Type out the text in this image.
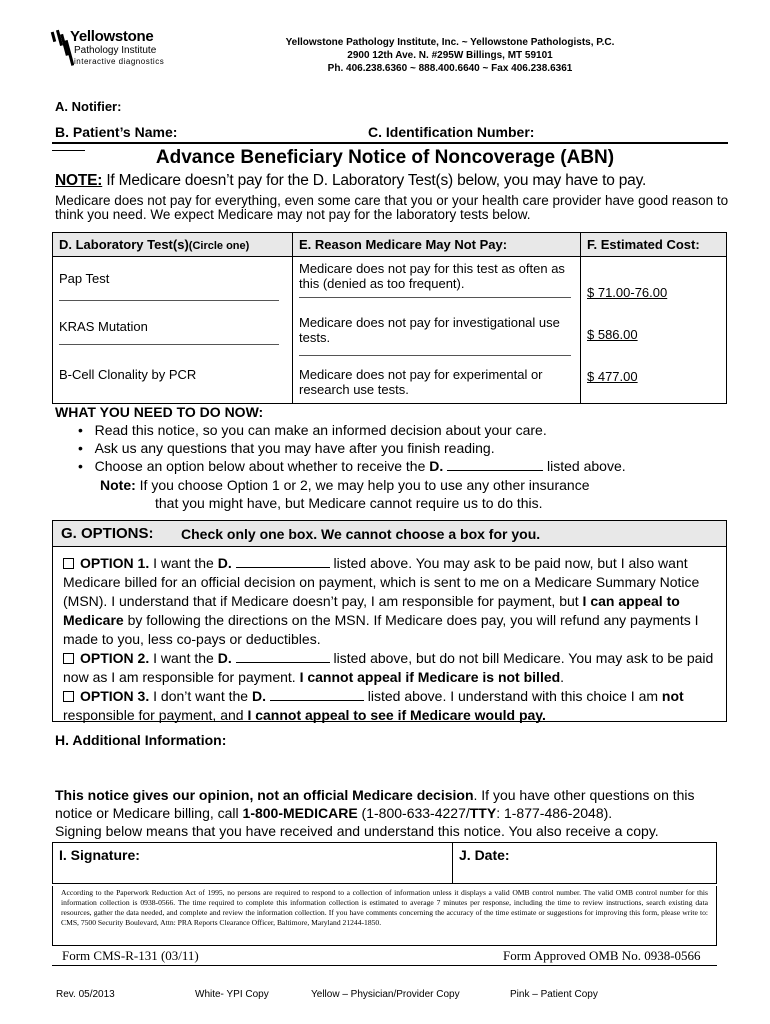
Yellowstone
Pathology Institute
interactive diagnostics
Yellowstone Pathology Institute, Inc. ~ Yellowstone Pathologists, P.C.
2900 12th Ave. N. #295W Billings, MT 59101
Ph. 406.238.6360 ~ 888.400.6640 ~ Fax 406.238.6361
A. Notifier:
B. Patient’s Name:	C. Identification Number:
Advance Beneficiary Notice of Noncoverage (ABN)
NOTE: If Medicare doesn’t pay for the D. Laboratory Test(s) below, you may have to pay.
Medicare does not pay for everything, even some care that you or your health care provider have good reason to think you need. We expect Medicare may not pay for the laboratory tests below.
D. Laboratory Test(s)(Circle one)	E. Reason Medicare May Not Pay:	F. Estimated Cost:

Pap Test	Medicare does not pay for this test as often as this (denied as too frequent).	$ 71.00-76.00

KRAS Mutation	Medicare does not pay for investigational use tests.	$ 586.00

B-Cell Clonality by PCR	Medicare does not pay for experimental or research use tests.	$ 477.00
WHAT YOU NEED TO DO NOW:
•   Read this notice, so you can make an informed decision about your care.
•   Ask us any questions that you may have after you finish reading.
•   Choose an option below about whether to receive the D.	listed above.
Note: If you choose Option 1 or 2, we may help you to use any other insurance
that you might have, but Medicare cannot require us to do this.
G. OPTIONS: Check only one box. We cannot choose a box for you.
OPTION 1. I want the D.	listed above. You may ask to be paid now, but I also want Medicare billed for an official decision on payment, which is sent to me on a Medicare Summary Notice (MSN). I understand that if Medicare doesn’t pay, I am responsible for payment, but I can appeal to Medicare by following the directions on the MSN. If Medicare does pay, you will refund any payments I made to you, less co-pays or deductibles.
OPTION 2. I want the D.	listed above, but do not bill Medicare. You may ask to be paid now as I am responsible for payment. I cannot appeal if Medicare is not billed.
OPTION 3. I don’t want the D.	listed above. I understand with this choice I am not responsible for payment, and I cannot appeal to see if Medicare would pay.
H. Additional Information:
This notice gives our opinion, not an official Medicare decision. If you have other questions on this notice or Medicare billing, call 1-800-MEDICARE (1-800-633-4227/TTY: 1-877-486-2048).
Signing below means that you have received and understand this notice. You also receive a copy.
I. Signature:	J. Date:
According to the Paperwork Reduction Act of 1995, no persons are required to respond to a collection of information unless it displays a valid OMB control number. The valid OMB control number for this information collection is 0938-0566. The time required to complete this information collection is estimated to average 7 minutes per response, including the time to review instructions, search existing data resources, gather the data needed, and complete and review the information collection. If you have comments concerning the accuracy of the time estimate or suggestions for improving this form, please write to: CMS, 7500 Security Boulevard, Attn: PRA Reports Clearance Officer, Baltimore, Maryland 21244-1850.
Form CMS-R-131 (03/11)	Form Approved OMB No. 0938-0566
Rev. 05/2013	White- YPI Copy	Yellow – Physician/Provider Copy	Pink – Patient Copy
